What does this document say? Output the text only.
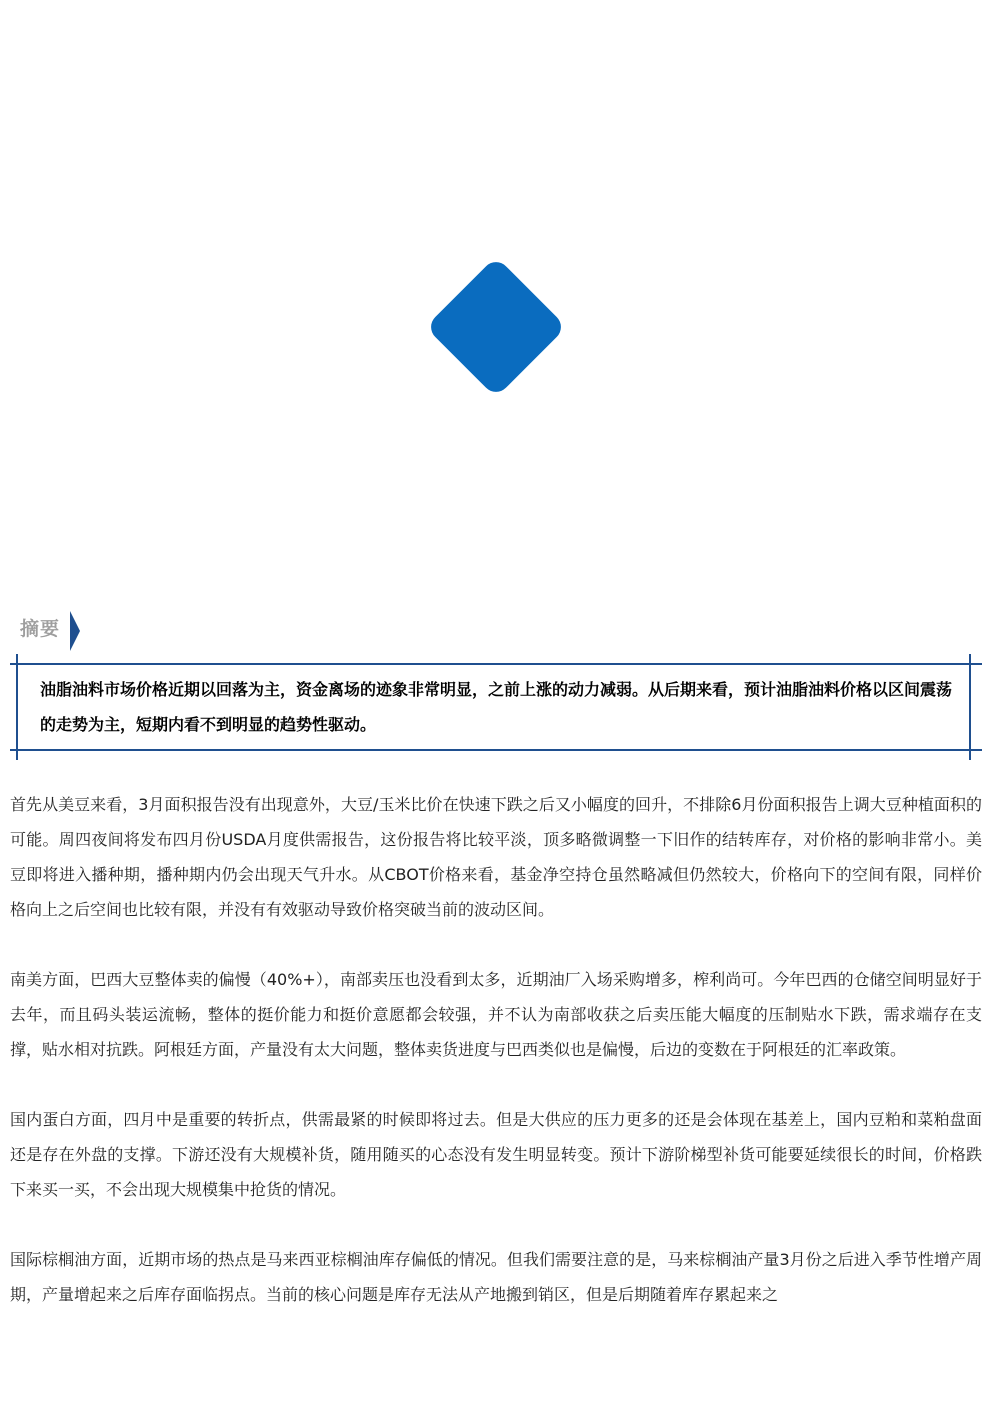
摘要
油脂油料市场价格近期以回落为主，资金离场的迹象非常明显，之前上涨的动力减弱。从后期来看，预计油脂油料价格以区间震荡的走势为主，短期内看不到明显的趋势性驱动。

首先从美豆来看，3月面积报告没有出现意外，大豆/玉米比价在快速下跌之后又小幅度的回升，不排除6月份面积报告上调大豆种植面积的可能。周四夜间将发布四月份USDA月度供需报告，这份报告将比较平淡，顶多略微调整一下旧作的结转库存，对价格的影响非常小。美豆即将进入播种期，播种期内仍会出现天气升水。从CBOT价格来看，基金净空持仓虽然略减但仍然较大，价格向下的空间有限，同样价格向上之后空间也比较有限，并没有有效驱动导致价格突破当前的波动区间。

南美方面，巴西大豆整体卖的偏慢（40%+），南部卖压也没看到太多，近期油厂入场采购增多，榨利尚可。今年巴西的仓储空间明显好于去年，而且码头装运流畅，整体的挺价能力和挺价意愿都会较强，并不认为南部收获之后卖压能大幅度的压制贴水下跌，需求端存在支撑，贴水相对抗跌。阿根廷方面，产量没有太大问题，整体卖货进度与巴西类似也是偏慢，后边的变数在于阿根廷的汇率政策。

国内蛋白方面，四月中是重要的转折点，供需最紧的时候即将过去。但是大供应的压力更多的还是会体现在基差上，国内豆粕和菜粕盘面还是存在外盘的支撑。下游还没有大规模补货，随用随买的心态没有发生明显转变。预计下游阶梯型补货可能要延续很长的时间，价格跌下来买一买，不会出现大规模集中抢货的情况。

国际棕榈油方面，近期市场的热点是马来西亚棕榈油库存偏低的情况。但我们需要注意的是，马来棕榈油产量3月份之后进入季节性增产周期，产量增起来之后库存面临拐点。当前的核心问题是库存无法从产地搬到销区，但是后期随着库存累起来之
